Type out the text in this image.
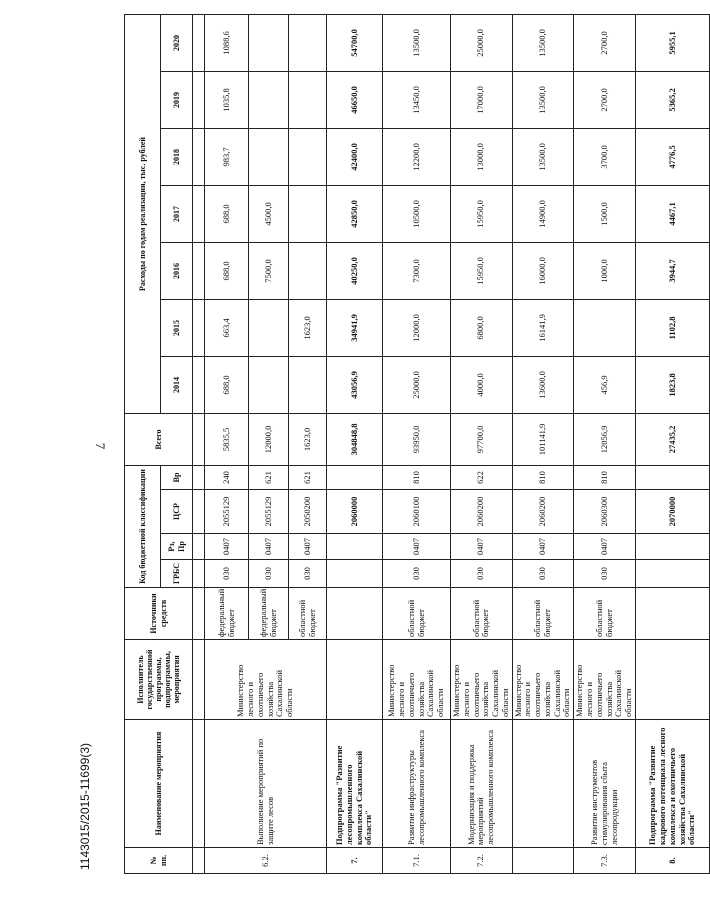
7
1143015/2015-11699(3)	№ пп.	Наименование мероприятия	Исполнитель государственной программы, подпрограммы, мероприятия	Источники средств	Код бюджетной классификации				Всего	Расходы по годам реализации, тыс. рублей						
				ГРБС	Рз, Пр	ЦСР	Вр		2014	2015	2016	2017	2018	2019	2020

6.2.	Выполнение мероприятий по защите лесов	Министерство лесного и охотничьего хозяйства Сахалинской области	федеральный бюджет	030	0407	2055129	240	5835,5	688,0	663,4	688,0	688,0	983,7	1035,8	1088,6
			федеральный бюджет	030	0407	2055129	621	12000,0			7500,0	4500,0			
			областной бюджет	030	0407	2050200	621	1623,0		1623,0					
7.	Подпрограмма "Развитие лесопромышленного комплекса Сахалинской области"					2060000		304848,8	43056,9	34941,9	40250,0	42850,0	42400,0	46650,0	54700,0
7.1.	Развитие инфраструктуры лесопромышленного комплекса	Министерство лесного и охотничьего хозяйства Сахалинской области	областной бюджет	030	0407	2060100	810	93950,0	25000,0	12000,0	7300,0	10500,0	12200,0	13450,0	13500,0
7.2.	Модернизация и поддержка мероприятий лесопромышленного комплекса	Министерство лесного и охотничьего хозяйства Сахалинской области	областной бюджет	030	0407	2060200	622	97700,0	4000,0	6800,0	15950,0	15950,0	13000,0	17000,0	25000,0
		Министерство лесного и охотничьего хозяйства Сахалинской области	областной бюджет	030	0407	2060200	810	101141,9	13600,0	16141,9	16000,0	14900,0	13500,0	13500,0	13500,0
7.3.	Развитие инструментов стимулирования сбыта лесопродукции	Министерство лесного и охотничьего хозяйства Сахалинской области	областной бюджет	030	0407	2060300	810	12056,9	456,9		1000,0	1500,0	3700,0	2700,0	2700,0
8.	Подпрограмма "Развитие кадрового потенциала лесного комплекса и охотничьего хозяйства Сахалинской области"					2070000		27435,2	1823,8	1102,8	3944,7	4467,1	4776,5	5365,2	5955,1
